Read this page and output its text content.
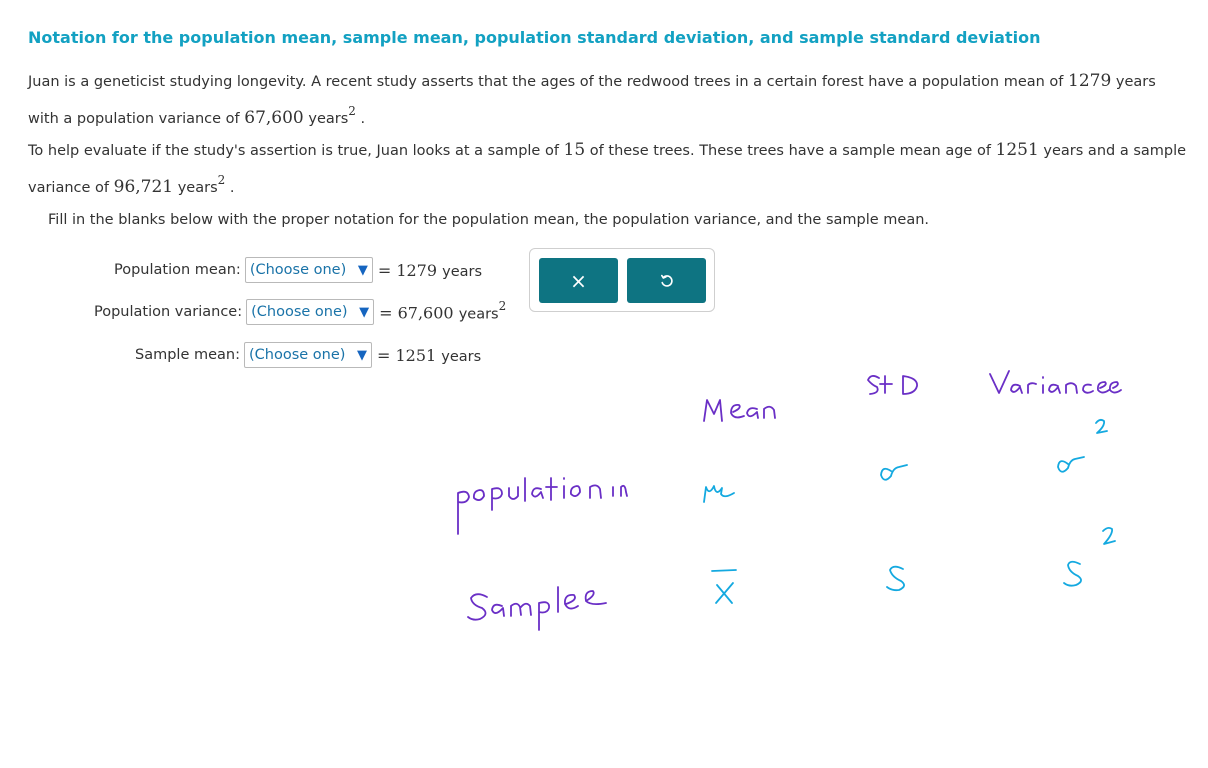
Notation for the population mean, sample mean, population standard deviation, and sample standard deviation
Juan is a geneticist studying longevity. A recent study asserts that the ages of the redwood trees in a certain forest have a population mean of 1279 years with a population variance of 67,600 years$^2$ .
To help evaluate if the study's assertion is true, Juan looks at a sample of 15 of these trees. These trees have a sample mean age of 1251 years and a sample variance of 96,721 years$^2$ .
Fill in the blanks below with the proper notation for the population mean, the population variance, and the sample mean.
Population mean: (Choose one) ▼ = 1279 years
Population variance: (Choose one) ▼ = 67,600 years$^2$
Sample mean: (Choose one) ▼ = 1251 years
×
